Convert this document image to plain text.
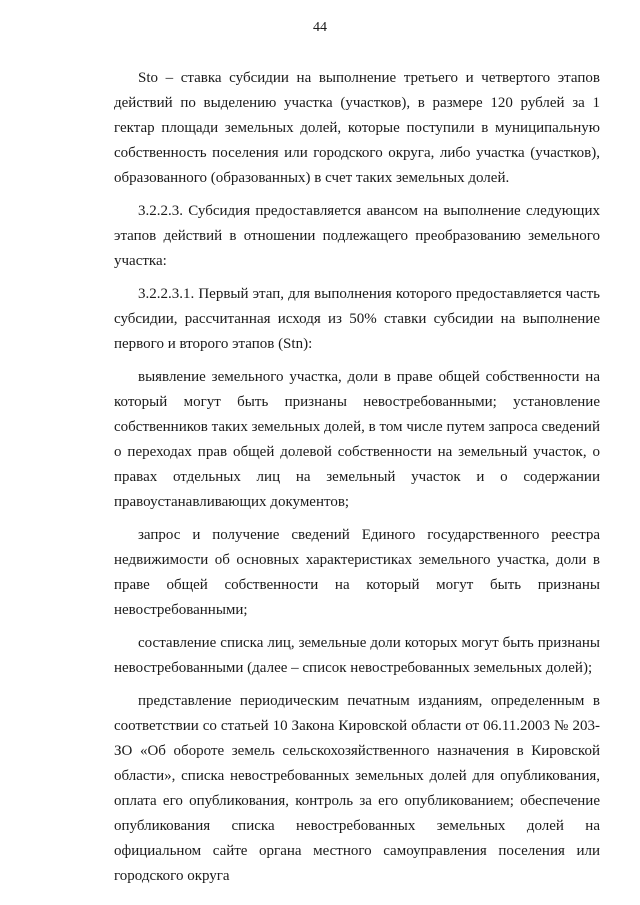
44

Sto – ставка субсидии на выполнение третьего и четвертого этапов действий по выделению участка (участков), в размере 120 рублей за 1 гектар площади земельных долей, которые поступили в муниципальную собственность поселения или городского округа, либо участка (участков), образованного (образованных) в счет таких земельных долей.

3.2.2.3. Субсидия предоставляется авансом на выполнение следующих этапов действий в отношении подлежащего преобразованию земельного участка:

3.2.2.3.1. Первый этап, для выполнения которого предоставляется часть субсидии, рассчитанная исходя из 50% ставки субсидии на выполнение первого и второго этапов (Stn):

выявление земельного участка, доли в праве общей собственности на который могут быть признаны невостребованными; установление собственников таких земельных долей, в том числе путем запроса сведений о переходах прав общей долевой собственности на земельный участок, о правах отдельных лиц на земельный участок и о содержании правоустанавливающих документов;

запрос и получение сведений Единого государственного реестра недвижимости об основных характеристиках земельного участка, доли в праве общей собственности на который могут быть признаны невостребованными;

составление списка лиц, земельные доли которых могут быть признаны невостребованными (далее – список невостребованных земельных долей);

представление периодическим печатным изданиям, определенным в соответствии со статьей 10 Закона Кировской области от 06.11.2003 № 203-ЗО «Об обороте земель сельскохозяйственного назначения в Кировской области», списка невостребованных земельных долей для опубликования, оплата его опубликования, контроль за его опубликованием; обеспечение опубликования списка невостребованных земельных долей на официальном сайте органа местного самоуправления поселения или городского округа
